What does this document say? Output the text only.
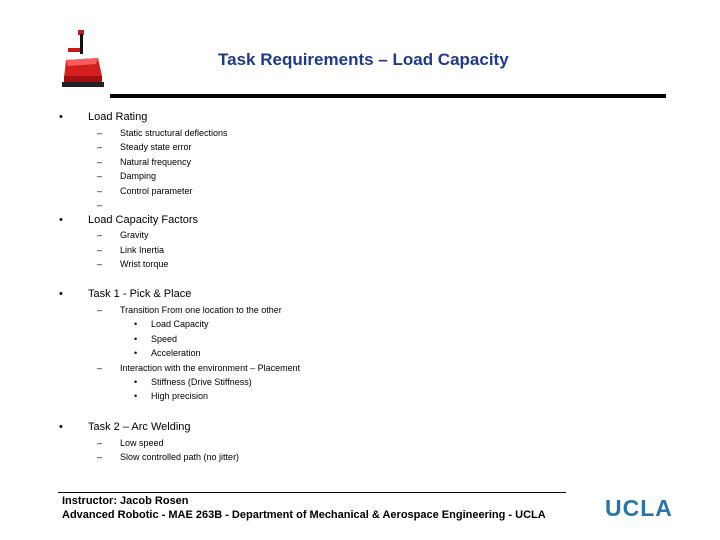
Task Requirements – Load Capacity
• Load Rating
– Static structural deflections
– Steady state error
– Natural frequency
– Damping
– Control parameter
–
• Load Capacity Factors
– Gravity
– Link Inertia
– Wrist torque
• Task 1 - Pick & Place
– Transition From one location to the other
• Load Capacity
• Speed
• Acceleration
– Interaction with the environment – Placement
• Stiffness (Drive Stiffness)
• High precision
• Task 2 – Arc Welding
– Low speed
– Slow controlled path (no jitter)
Instructor: Jacob Rosen
Advanced Robotic - MAE 263B - Department of Mechanical & Aerospace Engineering - UCLA	UCLA
